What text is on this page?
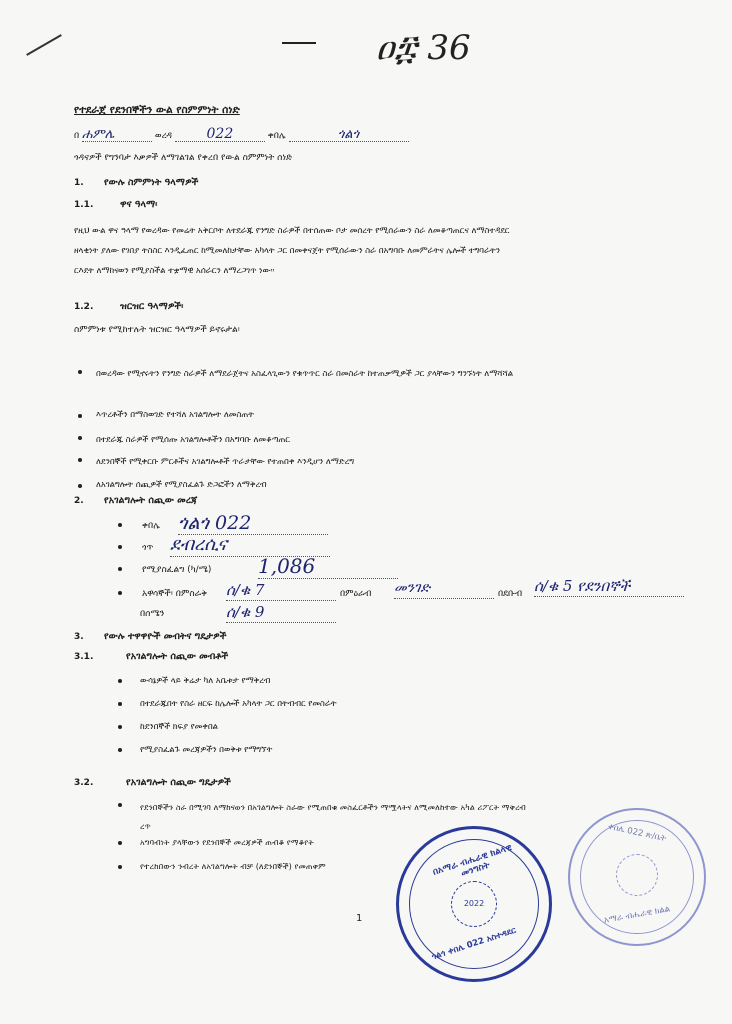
ዐ፰ 36
የተደራጀ የደንበኞችን ውል የስምምነት ሰነድ
በ ሐምሌ	ወረዳ 022	ቀበሌ	ጎልጎ
ጎዳናዎች የግንባታ እቃዎች ለማገልገል የቀረበ የውል ስምምነት ሰነድ
1. የውሉ ስምምነት ዓላማዎች
1.1.	ዋና ዓላማ፡
የዚህ ውል ዋና ዓላማ የወረዳው የመሬት አቅርቦት ለተደራጁ የንግድ ስራዎች በተሰጠው ቦታ መሰረት የሚሰራውን ስራ ለመቆጣጠርና ለማስተዳደር
ዘላቂነት ያለው የገበያ ትስስር እንዲፈጠር ከሚመለከታቸው አካላት ጋር በመቀናጀት የሚሰራውን ስራ በአግባቡ ለመምራትና ሌሎች ተግባራትን
ርእደት ለማከናወን የሚያስችል ተቋማዊ አሰራርን ለማረጋገጥ ነው።
1.2.	ዝርዝር ዓላማዎች፡
ስምምነቱ የሚከተሉት ዝርዝር ዓላማዎች ይኖሩታል፡
በወረዳው የሚኖሩትን የንግድ ስራዎች ለማደራጀትና አስፈላጊውን የቁጥጥር ስራ በመስራት ከተጠቃሚዎች ጋር ያላቸውን ግንኙነት ለማሻሻል
እጥረቶችን በማስወገድ የተሻለ አገልግሎት ለመስጠት
በተደራጁ ስራዎች የሚሰጡ አገልግሎቶችን በአግባቡ ለመቆጣጠር
ለደንበኞች የሚቀርቡ ምርቶችና አገልግሎቶች ጥራታቸው የተጠበቀ እንዲሆን ለማድረግ
ለአገልግሎት ሰጪዎች የሚያስፈልጉ ድጋፎችን ለማቅረብ
2. የአገልግሎት ሰጪው መረጃ
ቀበሌ ጎልጎ 022
ጎጥ ደብረሲና
የሚያስፈልግ (ካ/ሜ) 1,086
አዋሳኞች፡ በምስራቅ ሰ/ቁ 7	በምዕራብ መንገድ	በደቡብ ሰ/ቁ 5 የደንበኞች
በሰሜን	ሰ/ቁ 9
3. የውሉ ተዋዋዮች መብትና ግዴታዎች
3.1.	የአገልግሎት ሰጪው መብቶች
ውሳኔዎች ላይ ቅሬታ ካለ አቤቱታ የማቅረብ
በተደራጁበት የስራ ዘርፍ ከሌሎች አካላት ጋር በትብብር የመስራት
ከደንበኞች ክፍያ የመቀበል
የሚያስፈልጉ መረጃዎችን በወቅቱ የማግኘት
3.2.	የአገልግሎት ሰጪው ግዴታዎች
የደንበኞችን ስራ በሚገባ ለማከናወን በአገልግሎት ስራው የሚጠበቁ መስፈርቶችን ማሟላትና ለሚመለከተው አካል ሪፖርት ማቅረብ
አግባብነት ያላቸውን የደንበኞች መረጃዎች ጠብቆ የማቆየት
የተረከበውን ንብረት ለአገልግሎት ብቻ (ለደንበኞች) የመጠቀም
ረጥ
1
በአማራ ብሔራዊ ክልላዊ መንግስት
2022
ጎልጎ ቀበሌ 022 አስተዳደር
ቀበሌ 022 ጽ/ቤት
አማራ ብሔራዊ ክልል
